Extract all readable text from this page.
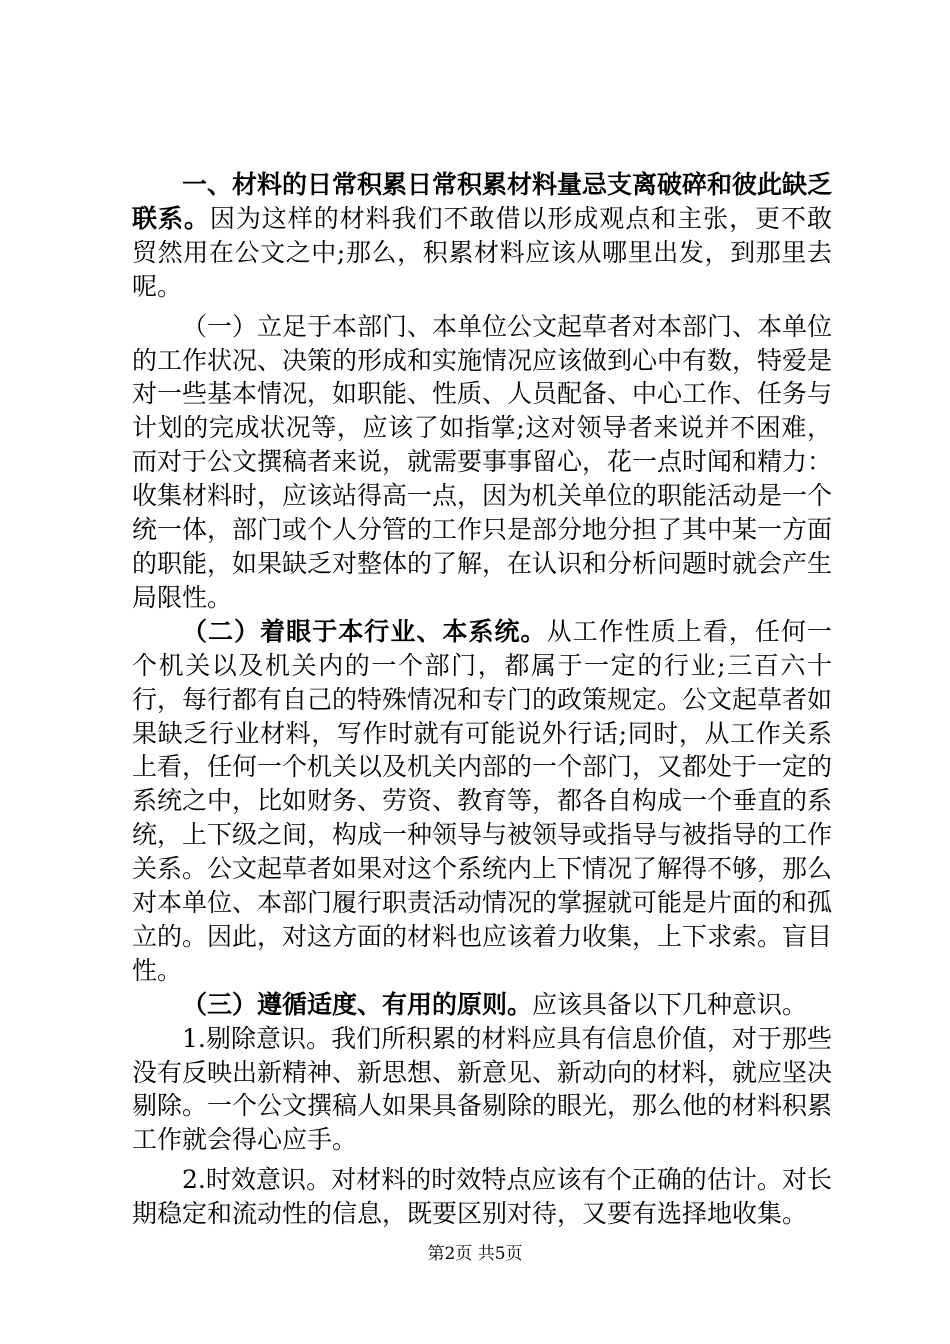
一、材料的日常积累日常积累材料量忌支离破碎和彼此缺乏联系。因为这样的材料我们不敢借以形成观点和主张，更不敢贸然用在公文之中;那么，积累材料应该从哪里出发，到那里去呢。

（一）立足于本部门、本单位公文起草者对本部门、本单位的工作状况、决策的形成和实施情况应该做到心中有数，特爱是对一些基本情况，如职能、性质、人员配备、中心工作、任务与计划的完成状况等，应该了如指掌;这对领导者来说并不困难，而对于公文撰稿者来说，就需要事事留心，花一点时闻和精力：收集材料时，应该站得高一点，因为机关单位的职能活动是一个统一体，部门或个人分管的工作只是部分地分担了其中某一方面的职能，如果缺乏对整体的了解，在认识和分析问题时就会产生局限性。

（二）着眼于本行业、本系统。从工作性质上看，任何一个机关以及机关内的一个部门，都属于一定的行业;三百六十行，每行都有自己的特殊情况和专门的政策规定。公文起草者如果缺乏行业材料，写作时就有可能说外行话;同时，从工作关系上看，任何一个机关以及机关内部的一个部门，又都处于一定的系统之中，比如财务、劳资、教育等，都各自构成一个垂直的系统，上下级之间，构成一种领导与被领导或指导与被指导的工作关系。公文起草者如果对这个系统内上下情况了解得不够，那么对本单位、本部门履行职责活动情况的掌握就可能是片面的和孤立的。因此，对这方面的材料也应该着力收集，上下求索。盲目性。

（三）遵循适度、有用的原则。应该具备以下几种意识。

1.剔除意识。我们所积累的材料应具有信息价值，对于那些没有反映出新精神、新思想、新意见、新动向的材料，就应坚决剔除。一个公文撰稿人如果具备剔除的眼光，那么他的材料积累工作就会得心应手。

2.时效意识。对材料的时效特点应该有个正确的估计。对长期稳定和流动性的信息，既要区别对待，又要有选择地收集。

第2页 共5页
